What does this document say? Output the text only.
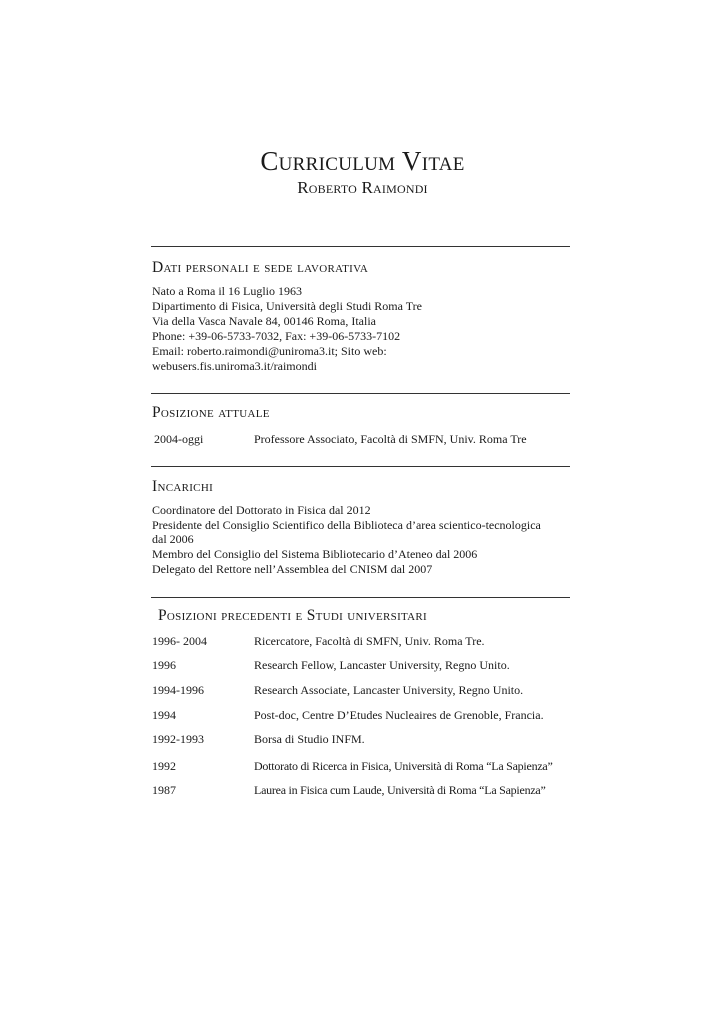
Curriculum Vitae
Roberto Raimondi
Dati personali e sede lavorativa
Nato a Roma il 16 Luglio 1963
Dipartimento di Fisica, Università degli Studi Roma Tre
Via della Vasca Navale 84, 00146 Roma, Italia
Phone: +39-06-5733-7032, Fax: +39-06-5733-7102
Email: roberto.raimondi@uniroma3.it; Sito web:
webusers.fis.uniroma3.it/raimondi
Posizione attuale
2004-oggi	Professore Associato, Facoltà di SMFN, Univ. Roma Tre
Incarichi
Coordinatore del Dottorato in Fisica dal 2012
Presidente del Consiglio Scientifico della Biblioteca d’area scientico-tecnologica
dal 2006
Membro del Consiglio del Sistema Bibliotecario d’Ateneo dal 2006
Delegato del Rettore nell’Assemblea del CNISM dal 2007
Posizioni precedenti e Studi universitari
1996- 2004	Ricercatore, Facoltà di SMFN, Univ. Roma Tre.
1996	Research Fellow, Lancaster University, Regno Unito.
1994-1996	Research Associate, Lancaster University, Regno Unito.
1994	Post-doc, Centre D’Etudes Nucleaires de Grenoble, Francia.
1992-1993	Borsa di Studio INFM.
1992	Dottorato di Ricerca in Fisica, Università di Roma “La Sapienza”
1987	Laurea in Fisica cum Laude, Università di Roma “La Sapienza”
